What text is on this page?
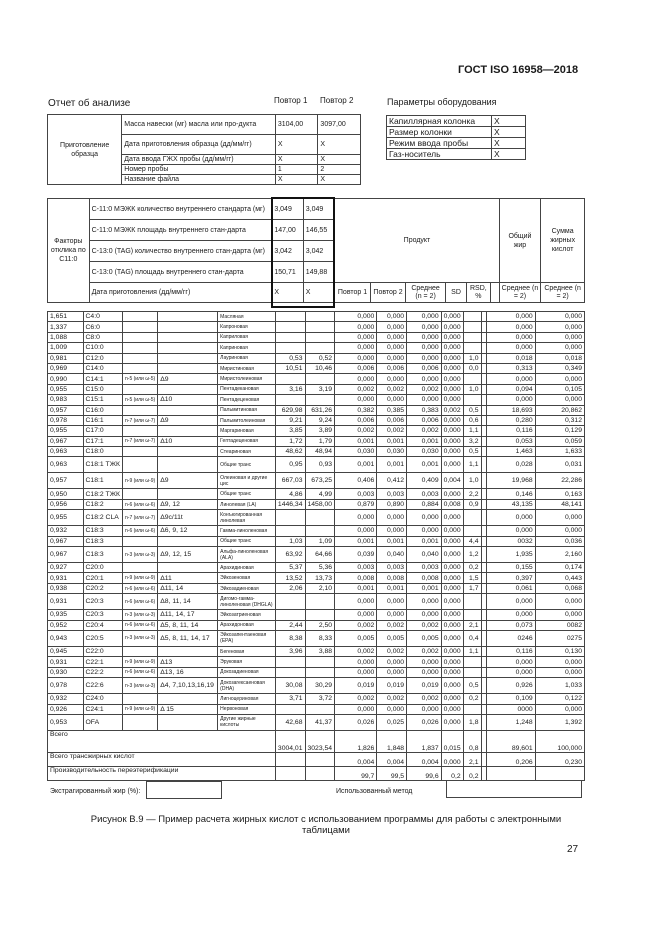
ГОСТ ISO 16958—2018
Отчет об анализе	Повтор 1 Повтор 2	Параметры оборудования
Приготовление образца	Масса навески (мг) масла или про-дукта	3104,00	3097,00
	Дата приготовления образца (дд/мм/гг)	X	X
	Дата ввода ГЖХ пробы (дд/мм/гг)	X	X
	Номер пробы	1	2
	Название файла	X	X
Капиллярная колонка	X
Размер колонки	X
Режим ввода пробы	X
Газ-носитель	X
Факторы отклика по С11:0	С-11:0 МЭЖК количество внутреннего стандарта (мг)	3,049	3,049	Продукт						Общий жир	Сумма жирных кислот
	С-11:0 МЭЖК площадь внутреннего стан-дарта	147,00	146,55								
	С-13:0 (TAG) количество внутреннего стан-дарта (мг)	3,042	3,042								
	С-13:0 (TAG) площадь внутреннего стан-дарта	150,71	149,88								
	Дата приготовления (дд/мм/гг)	X	X	Повтор 1	Повтор 2	Среднее (n = 2)	SD	RSD, %		Среднее (n = 2)	Среднее (n = 2)
1,651	C4:0			Масляная			0,000	0,000	0,000	0,000			0,000	0,000
1,337	C6:0			Капроновая			0,000	0,000	0,000	0,000			0,000	0,000
1,088	C8:0			Каприловая			0,000	0,000	0,000	0,000			0,000	0,000
1,009	C10:0			Каприновая			0,000	0,000	0,000	0,000			0,000	0,000
0,981	C12:0			Лауриновая	0,53	0,52	0,000	0,000	0,000	0,000	1,0		0,018	0,018
0,969	C14:0			Миристиновая	10,51	10,46	0,006	0,006	0,006	0,000	0,0		0,313	0,349
0,990	C14:1	n-5 (или ω-5)	Δ9	Миристолеиновая			0,000	0,000	0,000	0,000			0,000	0,000
0,955	C15:0			Пентадекановая	3,16	3,19	0,002	0,002	0,002	0,000	1,0		0,094	0,105
0,983	C15:1	n-5 (или ω-5)	Δ10	Пентадеценовая			0,000	0,000	0,000	0,000			0,000	0,000
0,957	C16:0			Пальмитиновая	629,98	631,26	0,382	0,385	0,383	0,002	0,5		18,693	20,862
0,978	C16:1	n-7 (или ω-7)	Δ9	Пальмитолеиновая	9,21	9,24	0,006	0,006	0,006	0,000	0,6		0,280	0,312
0,955	C17:0			Маргариновая	3,85	3,89	0,002	0,002	0,002	0,000	1,1		0,116	0,129
0,967	C17:1	n-7 (или ω-7)	Δ10	Гептадеценовая	1,72	1,79	0,001	0,001	0,001	0,000	3,2		0,053	0,059
0,963	C18:0			Стеариновая	48,62	48,94	0,030	0,030	0,030	0,000	0,5		1,463	1,633
0,963	C18:1 ТЖК			Общие транс	0,95	0,93	0,001	0,001	0,001	0,000	1,1		0,028	0,031
0,957	C18:1	n-9 (или ω-9)	Δ9	Олеиновая и другие цис	667,03	673,25	0,406	0,412	0,409	0,004	1,0		19,968	22,286
0,950	C18:2 ТЖК			Общие транс	4,86	4,99	0,003	0,003	0,003	0,000	2,2		0,146	0,163
0,956	C18:2	n-6 (или ω-6)	Δ9, 12	Линолевая (LA)	1446,34	1458,00	0,879	0,890	0,884	0,008	0,9		43,135	48,141
0,955	C18:2 CLA	n-7 (или ω-7)	Δ9с/11t	Конъюгированная линолевая			0,000	0,000	0,000	0,000			0,000	0,000
0,932	C18:3	n-6 (или ω-6)	Δ6, 9, 12	Гамма-линоленовая			0,000	0,000	0,000	0,000			0,000	0,000
0,967	C18:3			Общие транс	1,03	1,09	0,001	0,001	0,001	0,000	4,4		0032	0,036
0,967	C18:3	n-3 (или ω-3)	Δ9, 12, 15	Альфа-линоленовая (ALA)	63,92	64,66	0,039	0,040	0,040	0,000	1,2		1,935	2,160
0,927	C20:0			Арахидиновая	5,37	5,36	0,003	0,003	0,003	0,000	0,2		0,155	0,174
0,931	C20:1	n-9 (или ω-9)	Δ11	Эйкозеновая	13,52	13,73	0,008	0,008	0,008	0,000	1,5		0,397	0,443
0,938	C20:2	n-6 (или ω-6)	Δ11, 14	Эйкозадиеновая	2,06	2,10	0,001	0,001	0,001	0,000	1,7		0,061	0,068
0,931	C20:3	n-6 (или ω-6)	Δ8, 11, 14	Дигомо-гамма-линоленовая (DHGLA)			0,000	0,000	0,000	0,000			0,000	0,000
0,935	C20:3	n-3 (или ω-3)	Δ11, 14, 17	Эйкозатриеновая			0,000	0,000	0,000	0,000			0,000	0,000
0,952	C20:4	n-6 (или ω-6)	Δ5, 8, 11, 14	Арахидоновая	2,44	2,50	0,002	0,002	0,002	0,000	2,1		0,073	0082
0,943	C20:5	n-3 (или ω-3)	Δ5, 8, 11, 14, 17	Эйкозапентаеновая (EPA)	8,38	8,33	0,005	0,005	0,005	0,000	0,4		0246	0275
0,945	C22:0			Бегеновая	3,96	3,88	0,002	0,002	0,002	0,000	1,1		0,116	0,130
0,931	C22:1	n-9 (или ω-9)	Δ13	Эруковая			0,000	0,000	0,000	0,000			0,000	0,000
0,930	C22:2	n-6 (или ω-6)	Δ13, 16	Докозадиеновая			0,000	0,000	0,000	0,000			0,000	0,000
0,978	C22:6	n-3 (или ω-3)	Δ4, 7,10,13,16,19	Докозагексаеновая (DHA)	30,08	30,29	0,019	0,019	0,019	0,000	0,5		0,926	1,033
0,932	C24:0			Лигноцериновая	3,71	3,72	0,002	0,002	0,002	0,000	0,2		0,109	0,122
0,926	C24:1	n-9 (или ω-9)	Δ 15	Нервоновая			0,000	0,000	0,000	0,000			0000	0,000
0,953	OFA			Другие жирные кислоты	42,68	41,37	0,026	0,025	0,026	0,000	1,8		1,248	1,392
Всего					3004,01	3023,54	1,826	1,848	1,837	0,015	0,8		89,601	100,000
Всего трансжирных кислот							0,004	0,004	0,004	0,000	2,1		0,206	0,230
Производительность переэтерификации							99,7	99,5	99,6	0,2	0,2			
Экстрагированный жир (%):	Использованный метод
Рисунок В.9 — Пример расчета жирных кислот с использованием программы для работы с электронными таблицами
27
